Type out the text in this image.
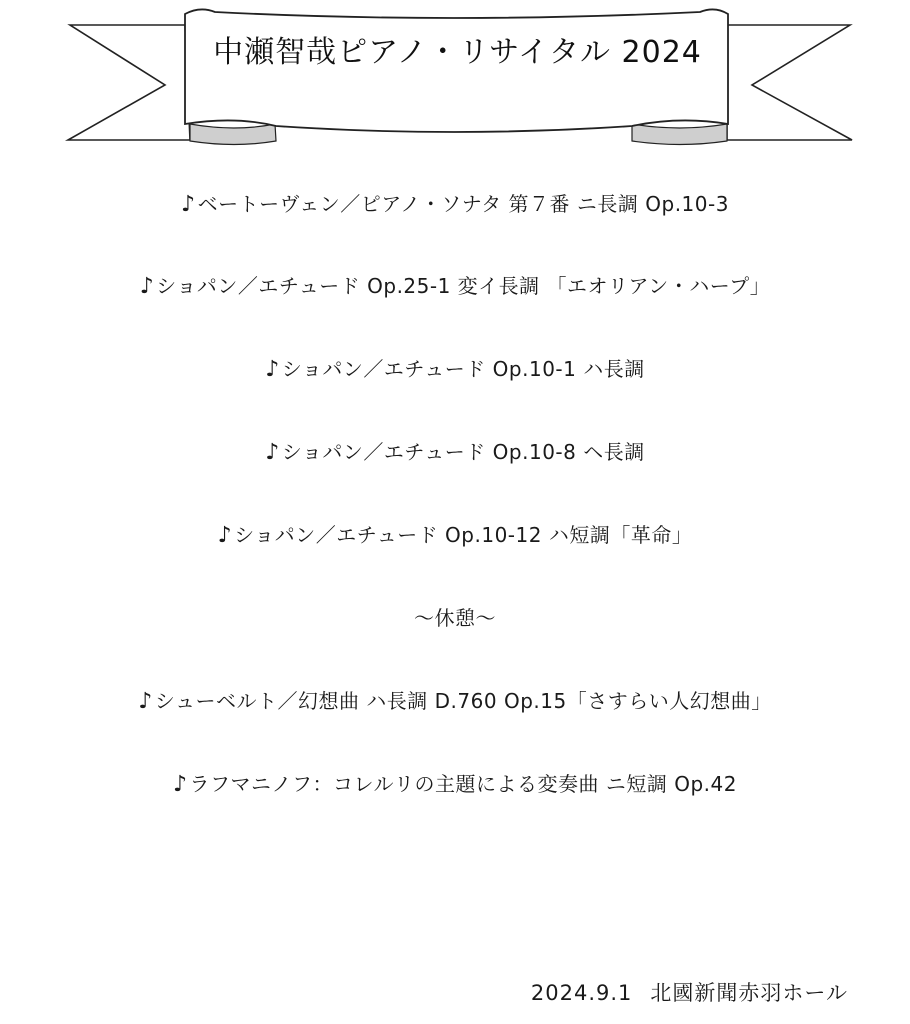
中瀬智哉ピアノ・リサイタル 2024
♪ ベートーヴェン／ピアノ・ソナタ 第７番 ニ長調 Op.10-3
♪ ショパン／エチュード Op.25-1 変イ長調 「エオリアン・ハープ」
♪ ショパン／エチュード Op.10-1 ハ長調
♪ ショパン／エチュード Op.10-8 ヘ長調
♪ ショパン／エチュード Op.10-12 ハ短調「革命」
～休憩～
♪ シューベルト／幻想曲 ハ長調 D.760 Op.15「さすらい人幻想曲」
♪ ラフマニノフ：コレルリの主題による変奏曲 ニ短調 Op.42
2024.9.1 北國新聞赤羽ホール
